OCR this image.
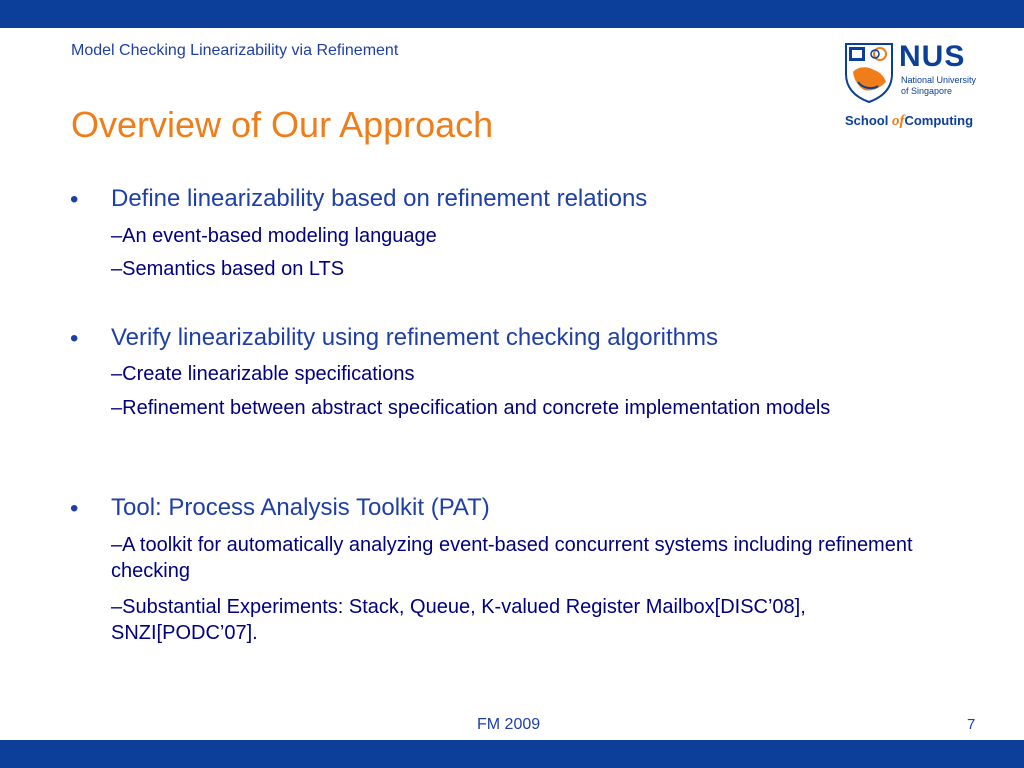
Model Checking Linearizability via Refinement
Overview of Our Approach
NUS
National University
of Singapore
School ofComputing
• Define linearizability based on refinement relations
–An event-based modeling language
–Semantics based on LTS
• Verify linearizability using refinement checking algorithms
–Create linearizable specifications
–Refinement between abstract specification and concrete implementation models
• Tool: Process Analysis Toolkit (PAT)
–A toolkit for automatically analyzing event-based concurrent systems including refinement checking
–Substantial Experiments: Stack, Queue, K-valued Register Mailbox[DISC’08], SNZI[PODC’07].
FM 2009	7
